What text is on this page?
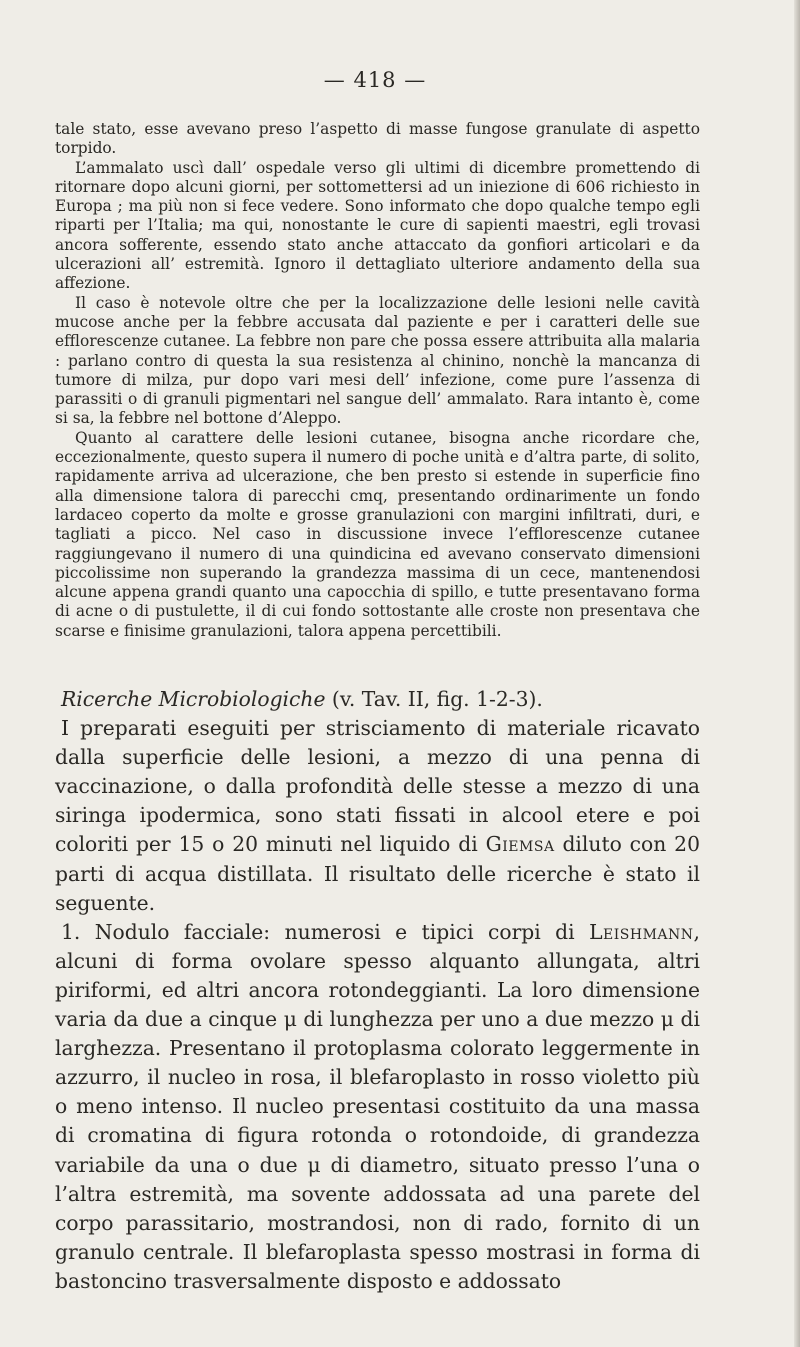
— 418 —

tale stato, esse avevano preso l’aspetto di masse fungose granulate di aspetto torpido.

L’ammalato uscì dall’ ospedale verso gli ultimi di dicembre promettendo di ritornare dopo alcuni giorni, per sottomettersi ad un iniezione di 606 richiesto in Europa ; ma più non si fece vedere. Sono informato che dopo qualche tempo egli riparti per l’Italia; ma qui, nonostante le cure di sapienti maestri, egli trovasi ancora sofferente, essendo stato anche attaccato da gonfiori articolari e da ulcerazioni all’ estremità. Ignoro il dettagliato ulteriore andamento della sua affezione.

Il caso è notevole oltre che per la localizzazione delle lesioni nelle cavità mucose anche per la febbre accusata dal paziente e per i caratteri delle sue efflorescenze cutanee. La febbre non pare che possa essere attribuita alla malaria : parlano contro di questa la sua resistenza al chinino, nonchè la mancanza di tumore di milza, pur dopo vari mesi dell’ infezione, come pure l’assenza di parassiti o di granuli pigmentari nel sangue dell’ ammalato. Rara intanto è, come si sa, la febbre nel bottone d’Aleppo.

Quanto al carattere delle lesioni cutanee, bisogna anche ricordare che, eccezionalmente, questo supera il numero di poche unità e d’altra parte, di solito, rapidamente arriva ad ulcerazione, che ben presto si estende in superficie fino alla dimensione talora di parecchi cmq, presentando ordinarimente un fondo lardaceo coperto da molte e grosse granulazioni con margini infiltrati, duri, e tagliati a picco. Nel caso in discussione invece l’efflorescenze cutanee raggiungevano il numero di una quindicina ed avevano conservato dimensioni piccolissime non superando la grandezza massima di un cece, mantenendosi alcune appena grandi quanto una capocchia di spillo, e tutte presentavano forma di acne o di pustulette, il di cui fondo sottostante alle croste non presentava che scarse e finisime granulazioni, talora appena percettibili.

Ricerche Microbiologiche (v. Tav. II, fig. 1-2-3).

I preparati eseguiti per strisciamento di materiale ricavato dalla superficie delle lesioni, a mezzo di una penna di vaccinazione, o dalla profondità delle stesse a mezzo di una siringa ipodermica, sono stati fissati in alcool etere e poi coloriti per 15 o 20 minuti nel liquido di Giemsa diluto con 20 parti di acqua distillata. Il risultato delle ricerche è stato il seguente.

1. Nodulo facciale: numerosi e tipici corpi di Leishmann, alcuni di forma ovolare spesso alquanto allungata, altri piriformi, ed altri ancora rotondeggianti. La loro dimensione varia da due a cinque μ di lunghezza per uno a due mezzo μ di larghezza. Presentano il protoplasma colorato leggermente in azzurro, il nucleo in rosa, il blefaroplasto in rosso violetto più o meno intenso. Il nucleo presentasi costituito da una massa di cromatina di figura rotonda o rotondoide, di grandezza variabile da una o due μ di diametro, situato presso l’una o l’altra estremità, ma sovente addossata ad una parete del corpo parassitario, mostrandosi, non di rado, fornito di un granulo centrale. Il blefaroplasta spesso mostrasi in forma di bastoncino trasversalmente disposto e addossato
